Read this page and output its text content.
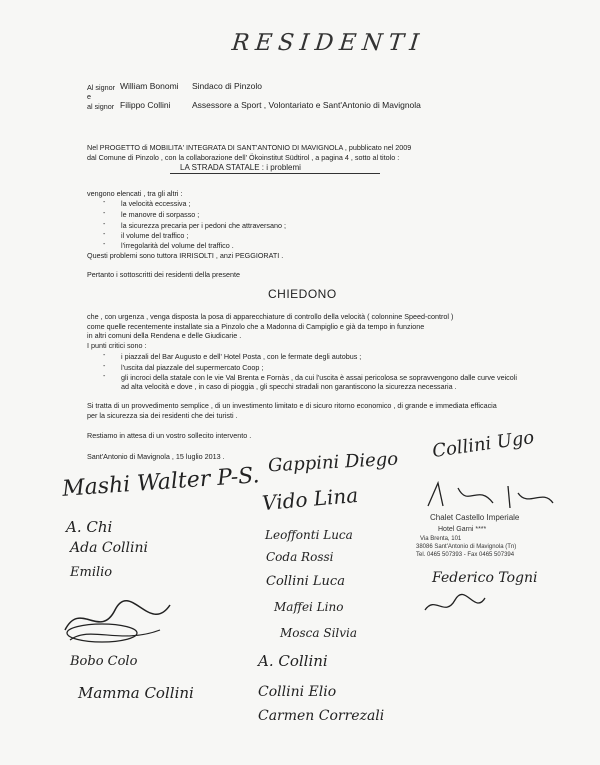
RESIDENTI
Al signor William Bonomi Sindaco di Pinzolo
e
al signor Filippo Collini	Assessore a Sport , Volontariato e Sant'Antonio di Mavignola
Nel PROGETTO di MOBILITA' INTEGRATA DI SANT'ANTONIO DI MAVIGNOLA , pubblicato nel 2009
dal Comune di Pinzolo , con la collaborazione dell' Ökoinstitut Südtirol , a pagina 4 , sotto al titolo :
LA STRADA STATALE : i problemi
vengono elencati , tra gli altri :
- la velocità eccessiva ;
- le manovre di sorpasso ;
- la sicurezza precaria per i pedoni che attraversano ;
- il volume del traffico ;
- l'irregolarità del volume del traffico .
Questi problemi sono tuttora IRRISOLTI , anzi PEGGIORATI .
Pertanto i sottoscritti dei residenti della presente
CHIEDONO
che , con urgenza , venga disposta la posa di apparecchiature di controllo della velocità ( colonnine Speed-control )
come quelle recentemente installate sia a Pinzolo che a Madonna di Campiglio e già da tempo in funzione
in altri comuni della Rendena e delle Giudicarie .
I punti critici sono :
- i piazzali del Bar Augusto e dell' Hotel Posta , con le fermate degli autobus ;
- l'uscita dal piazzale del supermercato Coop ;
- gli incroci della statale con le vie Val Brenta e Fornàs , da cui l'uscita è assai pericolosa se sopravvengono dalle curve veicoli
ad alta velocità e dove , in caso di pioggia , gli specchi stradali non garantiscono la sicurezza necessaria .
Si tratta di un provvedimento semplice , di un investimento limitato e di sicuro ritorno economico , di grande e immediata efficacia
per la sicurezza sia dei residenti che dei turisti .
Restiamo in attesa di un vostro sollecito intervento .
Sant'Antonio di Mavignola , 15 luglio 2013 .
Chalet Castello Imperiale
Hotel Garni ****
Via Brenta, 101
38086 Sant'Antonio di Mavignola (Tn)
Tel. 0465 507393 - Fax 0465 507394
Mashi Walter P-S.
Gappini Diego
Collini Ugo
Vido Lina
A. Chi
Ada Collini
Emilio
Leoffonti Luca
Coda Rossi
Collini Luca	Federico Togni
Maffei Lino
Mosca Silvia
Bobo Colo	A. Collini
Mamma Collini	Collini Elio
Carmen Correzali
